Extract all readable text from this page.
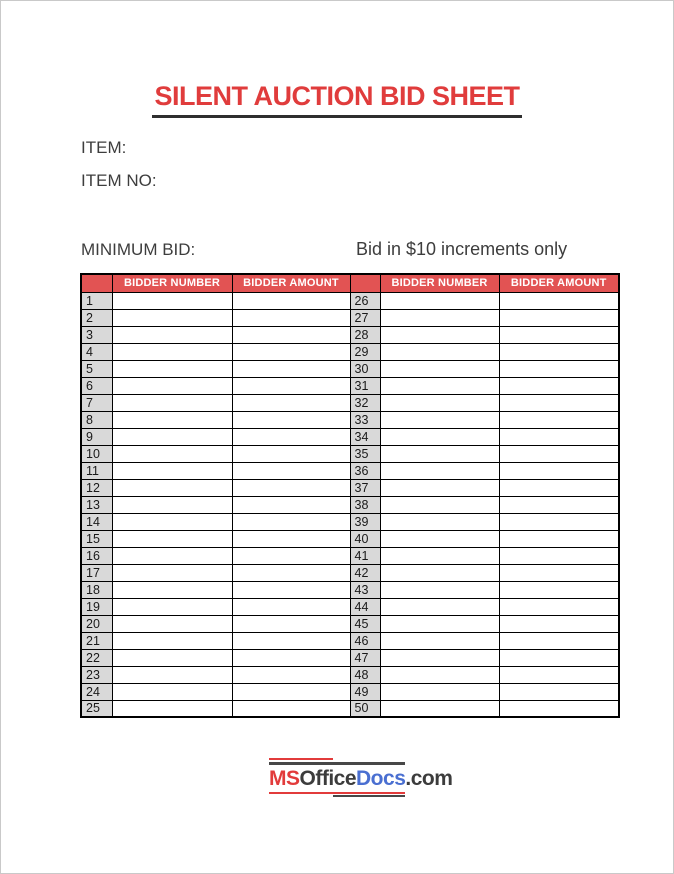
SILENT AUCTION BID SHEET
ITEM:
ITEM NO:
MINIMUM BID:	Bid in $10 increments only
	BIDDER NUMBER	BIDDER AMOUNT		BIDDER NUMBER	BIDDER AMOUNT
1			26		
2			27		
3			28		
4			29		
5			30		
6			31		
7			32		
8			33		
9			34		
10			35		
11			36		
12			37		
13			38		
14			39		
15			40		
16			41		
17			42		
18			43		
19			44		
20			45		
21			46		
22			47		
23			48		
24			49		
25			50		
MSOfficeDocs.com
